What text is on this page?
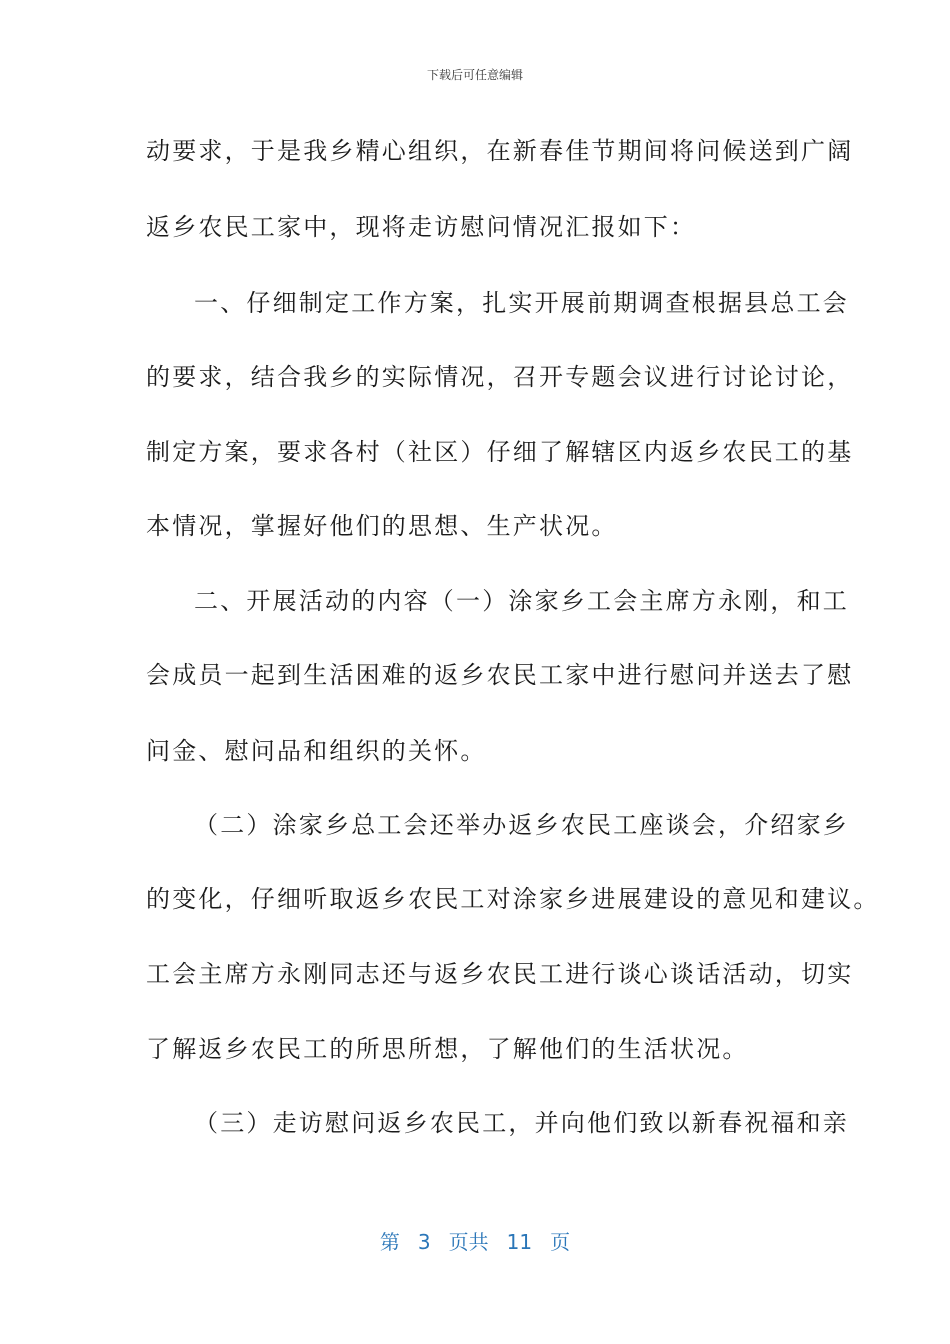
下载后可任意编辑
动要求，于是我乡精心组织，在新春佳节期间将问候送到广阔
返乡农民工家中，现将走访慰问情况汇报如下：
一、仔细制定工作方案，扎实开展前期调查根据县总工会
的要求，结合我乡的实际情况，召开专题会议进行讨论讨论，
制定方案，要求各村（社区）仔细了解辖区内返乡农民工的基
本情况，掌握好他们的思想、生产状况。
二、开展活动的内容（一）涂家乡工会主席方永刚，和工
会成员一起到生活困难的返乡农民工家中进行慰问并送去了慰
问金、慰问品和组织的关怀。
（二）涂家乡总工会还举办返乡农民工座谈会，介绍家乡
的变化，仔细听取返乡农民工对涂家乡进展建设的意见和建议。
工会主席方永刚同志还与返乡农民工进行谈心谈话活动，切实
了解返乡农民工的所思所想，了解他们的生活状况。
（三）走访慰问返乡农民工，并向他们致以新春祝福和亲
第 3 页共 11 页
